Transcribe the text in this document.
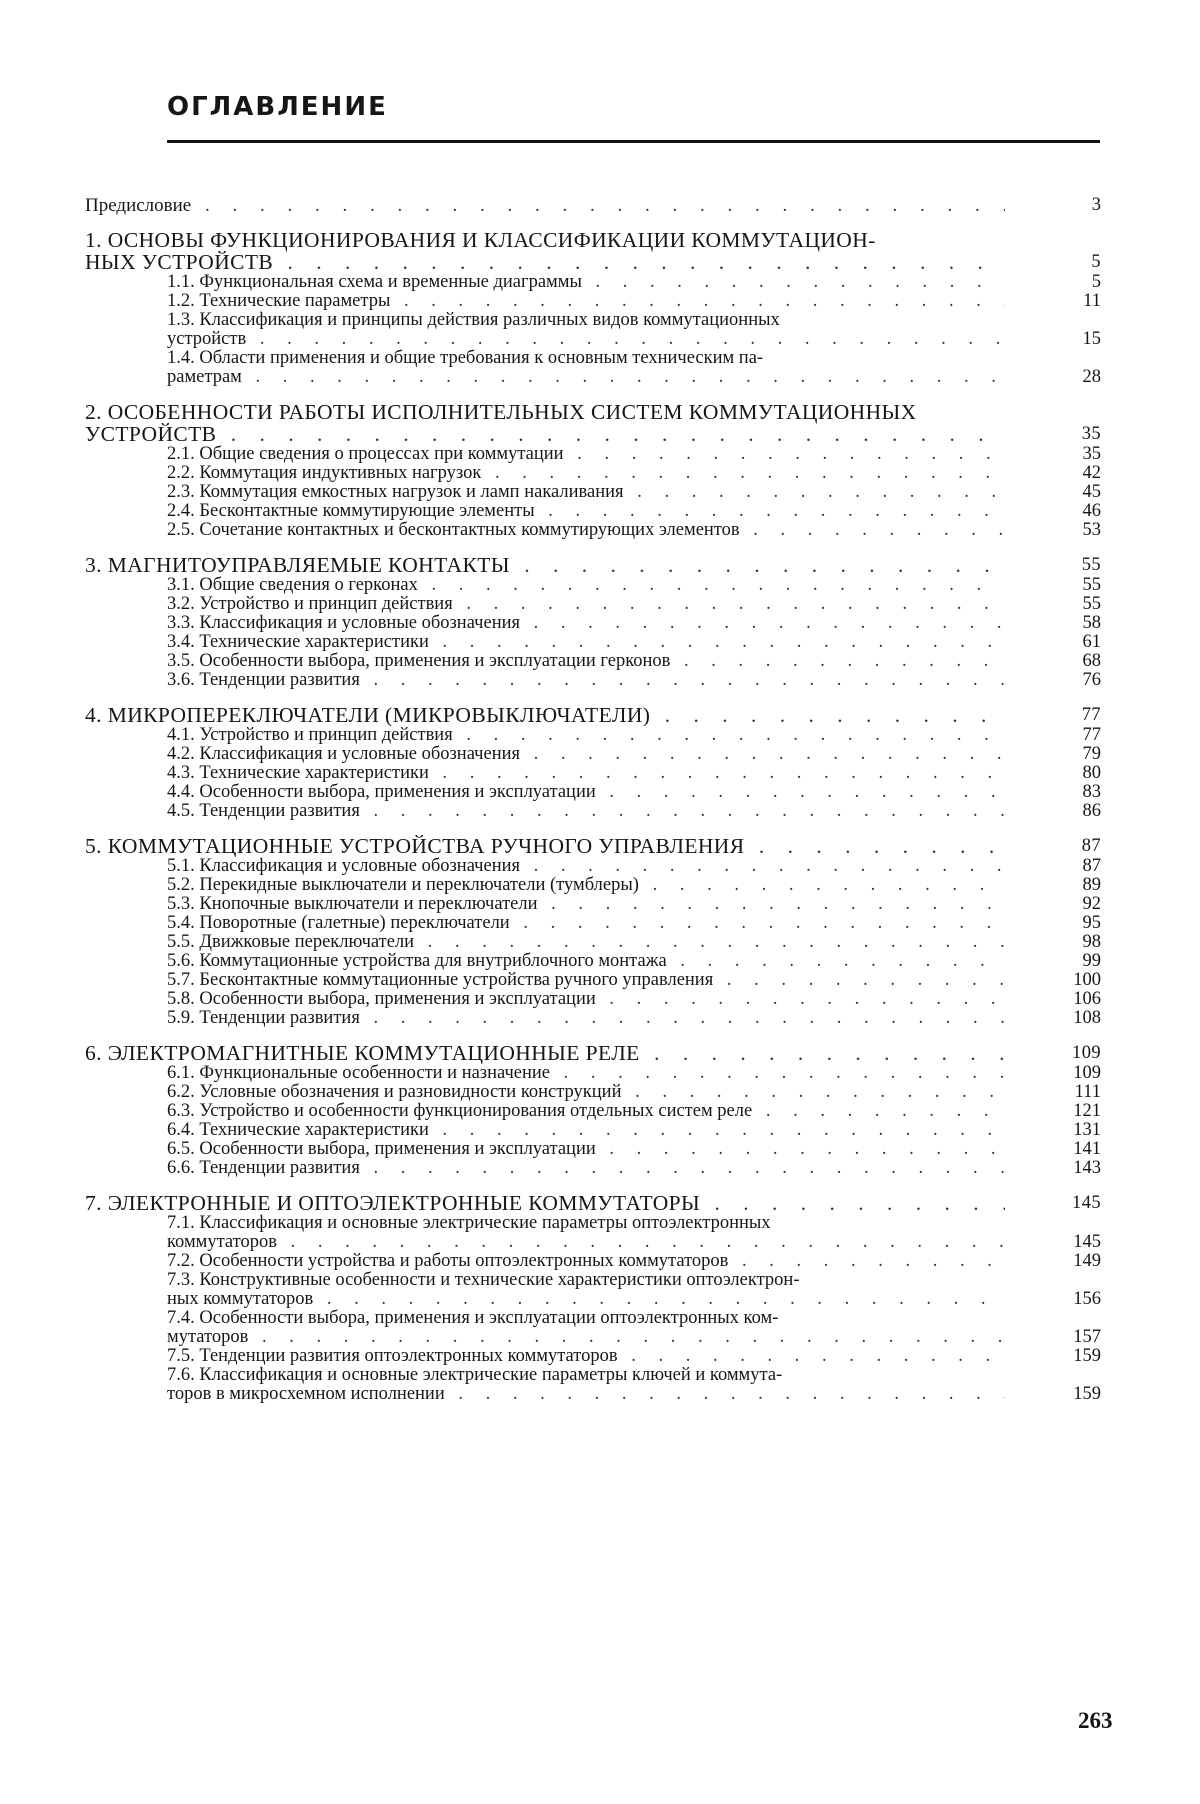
ОГЛАВЛЕНИЕ
Предисловие . . .	3
1. ОСНОВЫ ФУНКЦИОНИРОВАНИЯ И КЛАССИФИКАЦИИ КОММУТАЦИОН-
НЫХ УСТРОЙСТВ . . .	5
1.1. Функциональная схема и временные диаграммы . . .	5
1.2. Технические параметры . . .	11
1.3. Классификация и принципы действия различных видов коммутационных
устройств . . .	15
1.4. Области применения и общие требования к основным техническим па-
раметрам . . .	28
2. ОСОБЕННОСТИ РАБОТЫ ИСПОЛНИТЕЛЬНЫХ СИСТЕМ КОММУТАЦИОННЫХ
УСТРОЙСТВ . . .	35
2.1. Общие сведения о процессах при коммутации . . .	35
2.2. Коммутация индуктивных нагрузок . . .	42
2.3. Коммутация емкостных нагрузок и ламп накаливания . . .	45
2.4. Бесконтактные коммутирующие элементы . . .	46
2.5. Сочетание контактных и бесконтактных коммутирующих элементов . . .	53
3. МАГНИТОУПРАВЛЯЕМЫЕ КОНТАКТЫ . . .	55
3.1. Общие сведения о герконах . . .	55
3.2. Устройство и принцип действия . . .	55
3.3. Классификация и условные обозначения . . .	58
3.4. Технические характеристики . . .	61
3.5. Особенности выбора, применения и эксплуатации герконов . . .	68
3.6. Тенденции развития . . .	76
4. МИКРОПЕРЕКЛЮЧАТЕЛИ (МИКРОВЫКЛЮЧАТЕЛИ) . . .	77
4.1. Устройство и принцип действия . . .	77
4.2. Классификация и условные обозначения . . .	79
4.3. Технические характеристики . . .	80
4.4. Особенности выбора, применения и эксплуатации . . .	83
4.5. Тенденции развития . . .	86
5. КОММУТАЦИОННЫЕ УСТРОЙСТВА РУЧНОГО УПРАВЛЕНИЯ . . .	87
5.1. Классификация и условные обозначения . . .	87
5.2. Перекидные выключатели и переключатели (тумблеры) . . .	89
5.3. Кнопочные выключатели и переключатели . . .	92
5.4. Поворотные (галетные) переключатели . . .	95
5.5. Движковые переключатели . . .	98
5.6. Коммутационные устройства для внутриблочного монтажа . . .	99
5.7. Бесконтактные коммутационные устройства ручного управления . . .	100
5.8. Особенности выбора, применения и эксплуатации . . .	106
5.9. Тенденции развития . . .	108
6. ЭЛЕКТРОМАГНИТНЫЕ КОММУТАЦИОННЫЕ РЕЛЕ . . .	109
6.1. Функциональные особенности и назначение . . .	109
6.2. Условные обозначения и разновидности конструкций . . .	111
6.3. Устройство и особенности функционирования отдельных систем реле . . .	121
6.4. Технические характеристики . . .	131
6.5. Особенности выбора, применения и эксплуатации . . .	141
6.6. Тенденции развития . . .	143
7. ЭЛЕКТРОННЫЕ И ОПТОЭЛЕКТРОННЫЕ КОММУТАТОРЫ . . .	145
7.1. Классификация и основные электрические параметры оптоэлектронных
коммутаторов . . .	145
7.2. Особенности устройства и работы оптоэлектронных коммутаторов . . .	149
7.3. Конструктивные особенности и технические характеристики оптоэлектрон-
ных коммутаторов . . .	156
7.4. Особенности выбора, применения и эксплуатации оптоэлектронных ком-
мутаторов . . .	157
7.5. Тенденции развития оптоэлектронных коммутаторов . . .	159
7.6. Классификация и основные электрические параметры ключей и коммута-
торов в микросхемном исполнении . . .	159
263
